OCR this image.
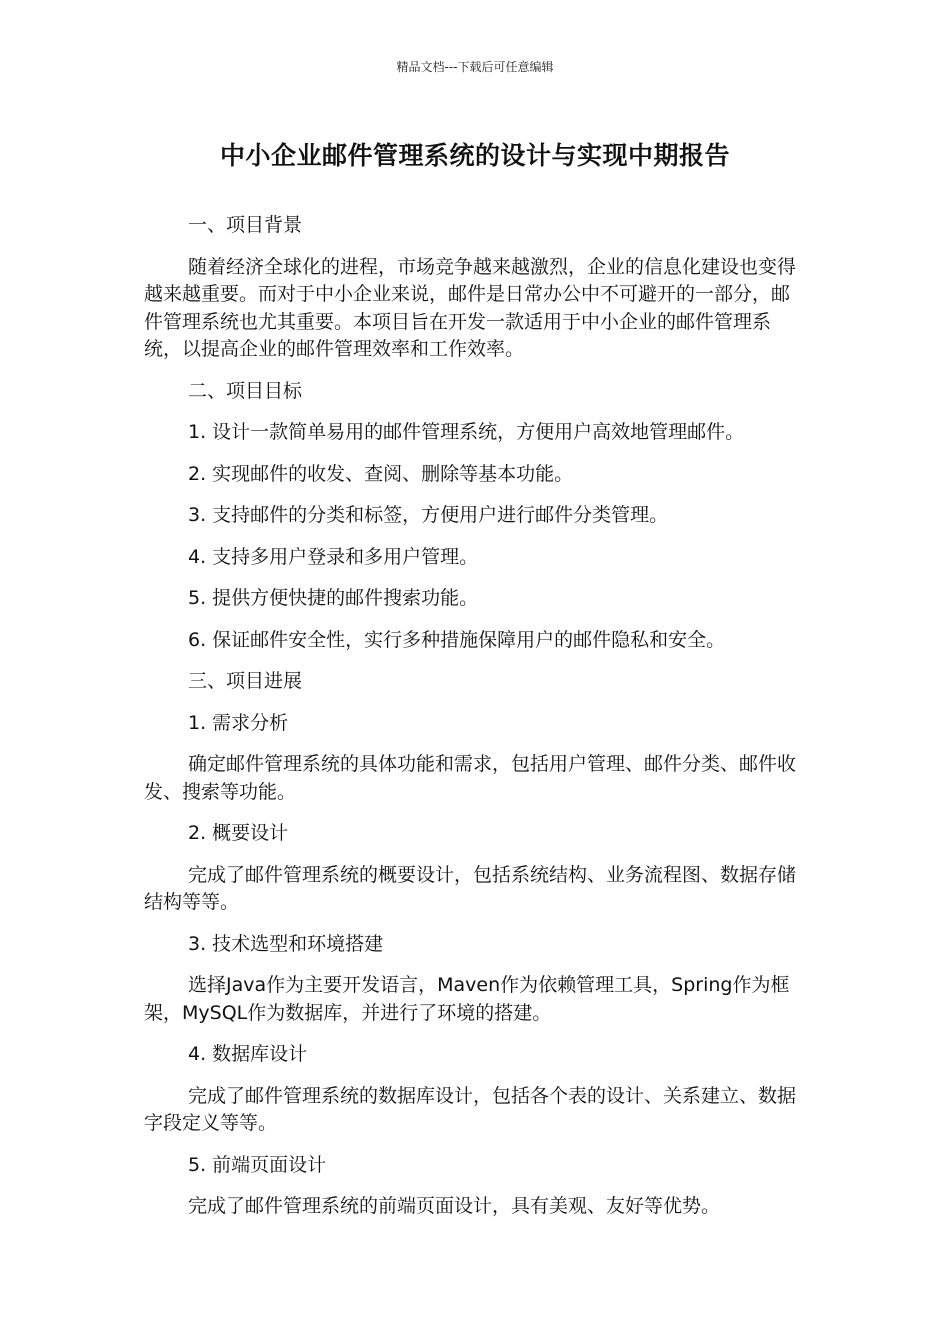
精品文档---下载后可任意编辑
中小企业邮件管理系统的设计与实现中期报告

一、项目背景

随着经济全球化的进程，市场竞争越来越激烈，企业的信息化建设也变得越来越重要。而对于中小企业来说，邮件是日常办公中不可避开的一部分，邮件管理系统也尤其重要。本项目旨在开发一款适用于中小企业的邮件管理系统，以提高企业的邮件管理效率和工作效率。

二、项目目标

1. 设计一款简单易用的邮件管理系统，方便用户高效地管理邮件。

2. 实现邮件的收发、查阅、删除等基本功能。

3. 支持邮件的分类和标签，方便用户进行邮件分类管理。

4. 支持多用户登录和多用户管理。

5. 提供方便快捷的邮件搜索功能。

6. 保证邮件安全性，实行多种措施保障用户的邮件隐私和安全。

三、项目进展

1. 需求分析

确定邮件管理系统的具体功能和需求，包括用户管理、邮件分类、邮件收发、搜索等功能。

2. 概要设计

完成了邮件管理系统的概要设计，包括系统结构、业务流程图、数据存储结构等等。

3. 技术选型和环境搭建

选择Java作为主要开发语言，Maven作为依赖管理工具，Spring作为框架，MySQL作为数据库，并进行了环境的搭建。

4. 数据库设计

完成了邮件管理系统的数据库设计，包括各个表的设计、关系建立、数据字段定义等等。

5. 前端页面设计

完成了邮件管理系统的前端页面设计，具有美观、友好等优势。
